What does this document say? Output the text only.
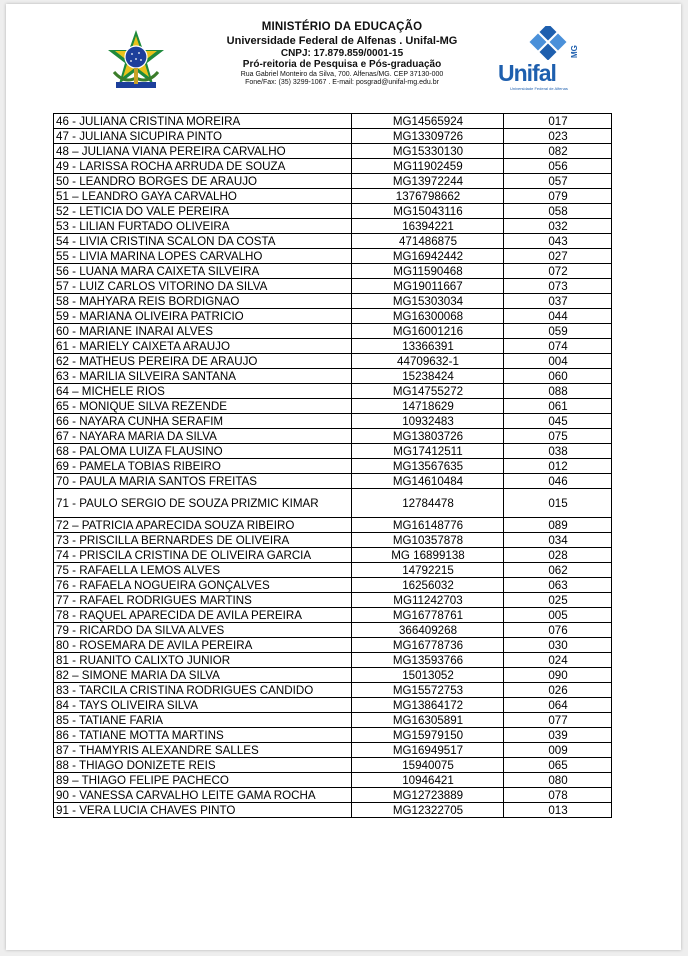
MINISTÉRIO DA EDUCAÇÃO
Universidade Federal de Alfenas . Unifal-MG
CNPJ: 17.879.859/0001-15
Pró-reitoria de Pesquisa e Pós-graduação
Rua Gabriel Monteiro da Silva, 700. Alfenas/MG. CEP 37130-000
Fone/Fax: (35) 3299-1067 . E-mail: posgrad@unifal-mg.edu.br	Unifal
MG
Universidade Federal de Alfenas
46 - JULIANA CRISTINA MOREIRA	MG14565924	017
47 - JULIANA SICUPIRA PINTO	MG13309726	023
48 – JULIANA VIANA PEREIRA CARVALHO	MG15330130	082
49 - LARISSA ROCHA ARRUDA DE SOUZA	MG11902459	056
50 - LEANDRO BORGES DE ARAUJO	MG13972244	057
51 – LEANDRO GAYA CARVALHO	1376798662	079
52 - LETICIA DO VALE PEREIRA	MG15043116	058
53 - LILIAN FURTADO OLIVEIRA	16394221	032
54 - LIVIA CRISTINA SCALON DA COSTA	471486875	043
55 - LIVIA MARINA LOPES CARVALHO	MG16942442	027
56 - LUANA MARA CAIXETA SILVEIRA	MG11590468	072
57 - LUIZ CARLOS VITORINO DA SILVA	MG19011667	073
58 - MAHYARA REIS BORDIGNAO	MG15303034	037
59 - MARIANA OLIVEIRA PATRICIO	MG16300068	044
60 - MARIANE INARAI ALVES	MG16001216	059
61 - MARIELY CAIXETA ARAUJO	13366391	074
62 - MATHEUS PEREIRA DE ARAUJO	44709632-1	004
63 - MARILIA SILVEIRA SANTANA	15238424	060
64 – MICHELE RIOS	MG14755272	088
65 - MONIQUE SILVA REZENDE	14718629	061
66 - NAYARA CUNHA SERAFIM	10932483	045
67 - NAYARA MARIA DA SILVA	MG13803726	075
68 - PALOMA LUIZA FLAUSINO	MG17412511	038
69 - PAMELA TOBIAS RIBEIRO	MG13567635	012
70 - PAULA MARIA SANTOS FREITAS	MG14610484	046
71 - PAULO SERGIO DE SOUZA PRIZMIC KIMAR	12784478	015
72 – PATRICIA APARECIDA SOUZA RIBEIRO	MG16148776	089
73 - PRISCILLA BERNARDES DE OLIVEIRA	MG10357878	034
74 - PRISCILA CRISTINA DE OLIVEIRA GARCIA	MG 16899138	028
75 - RAFAELLA LEMOS ALVES	14792215	062
76 - RAFAELA NOGUEIRA GONÇALVES	16256032	063
77 - RAFAEL RODRIGUES MARTINS	MG11242703	025
78 - RAQUEL APARECIDA DE AVILA PEREIRA	MG16778761	005
79 - RICARDO DA SILVA ALVES	366409268	076
80 - ROSEMARA DE AVILA PEREIRA	MG16778736	030
81 - RUANITO CALIXTO JUNIOR	MG13593766	024
82 – SIMONE MARIA DA SILVA	15013052	090
83 - TARCILA CRISTINA RODRIGUES CANDIDO	MG15572753	026
84 - TAYS OLIVEIRA SILVA	MG13864172	064
85 - TATIANE FARIA	MG16305891	077
86 - TATIANE MOTTA MARTINS	MG15979150	039
87 - THAMYRIS ALEXANDRE SALLES	MG16949517	009
88 - THIAGO DONIZETE REIS	15940075	065
89 – THIAGO FELIPE PACHECO	10946421	080
90 - VANESSA CARVALHO LEITE GAMA ROCHA	MG12723889	078
91 - VERA LUCIA CHAVES PINTO	MG12322705	013
